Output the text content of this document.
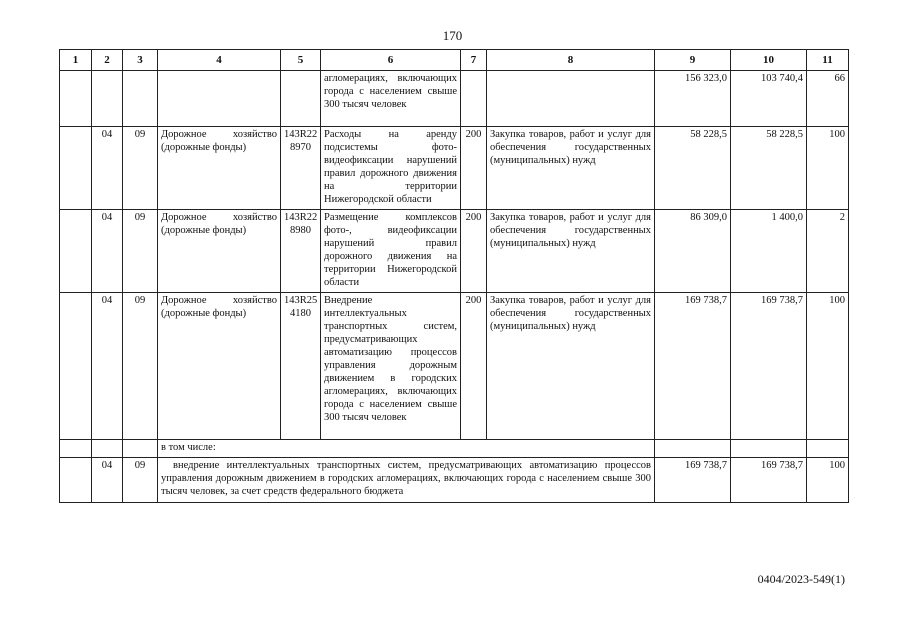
170
1	2	3	4	5	6	7	8	9	10	11
					агломерациях, включающих города с населением свыше 300 тысяч человек			156 323,0	103 740,4	66
	04	09	Дорожное хозяйство (дорожные фонды)	143R22 8970	Расходы на аренду подсистемы фото-видеофиксации нарушений правил дорожного движения на территории Нижегородской области	200	Закупка товаров, работ и услуг для обеспечения государственных (муниципальных) нужд	58 228,5	58 228,5	100
	04	09	Дорожное хозяйство (дорожные фонды)	143R22 8980	Размещение комплексов фото-, видеофиксации нарушений правил дорожного движения на территории Нижегородской области	200	Закупка товаров, работ и услуг для обеспечения государственных (муниципальных) нужд	86 309,0	1 400,0	2
	04	09	Дорожное хозяйство (дорожные фонды)	143R25 4180	Внедрение интеллектуальных транспортных систем, предусматривающих автоматизацию процессов управления дорожным движением в городских агломерациях, включающих города с населением свыше 300 тысяч человек	200	Закупка товаров, работ и услуг для обеспечения государственных (муниципальных) нужд	169 738,7	169 738,7	100
			в том числе:							
	04	09	внедрение интеллектуальных транспортных систем, предусматривающих автоматизацию процессов управления дорожным движением в городских агломерациях, включающих города с населением свыше 300 тысяч человек, за счет средств федерального бюджета					169 738,7	169 738,7	100
0404/2023-549(1)
